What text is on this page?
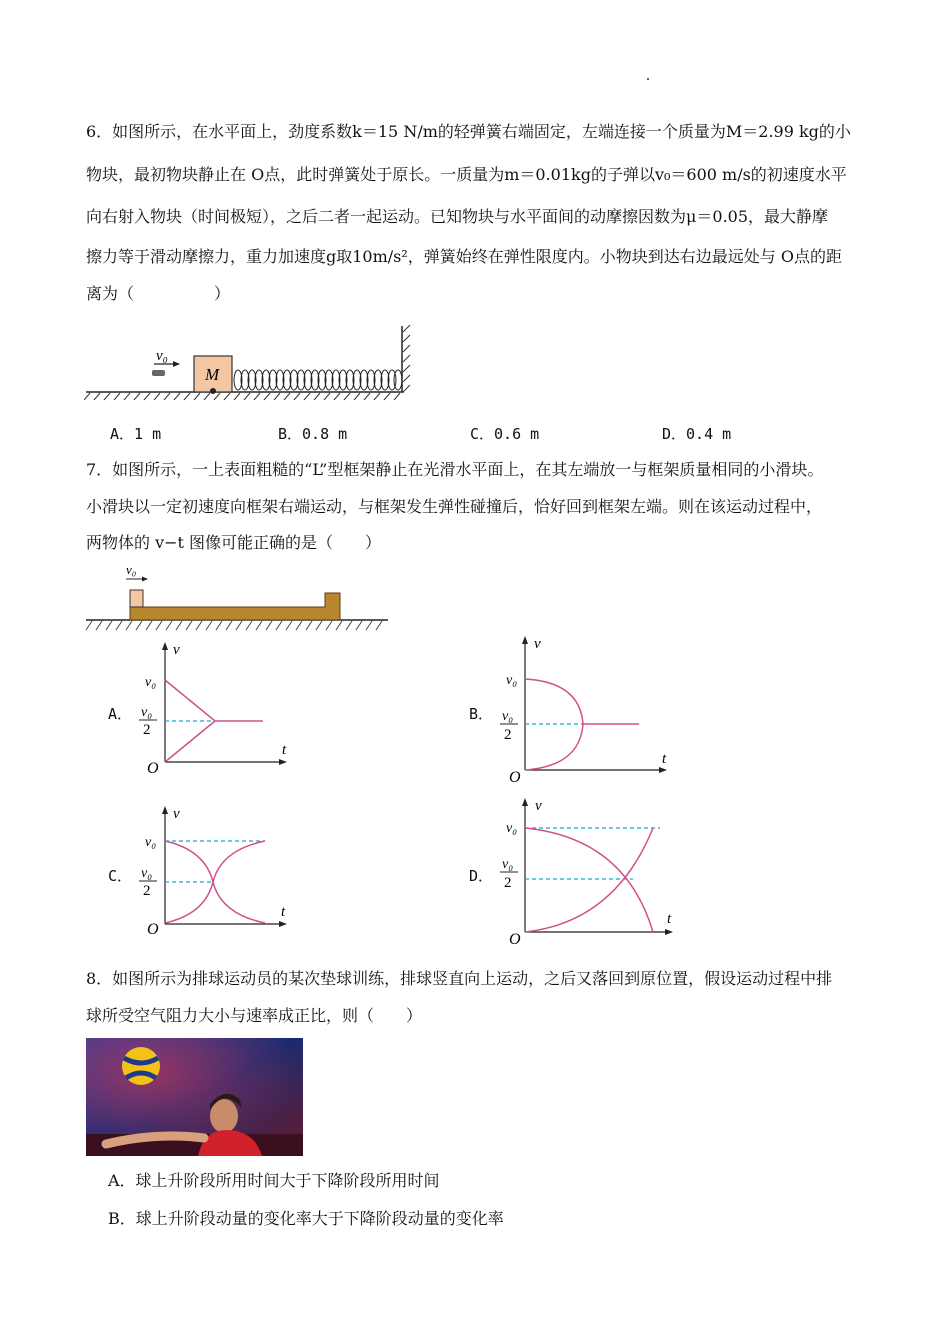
6．如图所示，在水平面上，劲度系数k＝15 N/m的轻弹簧右端固定，左端连接一个质量为M＝2.99 kg的小
物块，最初物块静止在 O点，此时弹簧处于原长。一质量为m＝0.01kg的子弹以v₀＝600 m/s的初速度水平
向右射入物块（时间极短），之后二者一起运动。已知物块与水平面间的动摩擦因数为μ＝0.05，最大静摩
擦力等于滑动摩擦力，重力加速度g取10m/s²，弹簧始终在弹性限度内。小物块到达右边最远处与 O点的距
离为（　　　　　）
M
v₀
A．1 m	B．0.8 m	C．0.6 m	D．0.4 m
7．如图所示，一上表面粗糙的“L”型框架静止在光滑水平面上，在其左端放一与框架质量相同的小滑块。
小滑块以一定初速度向框架右端运动，与框架发生弹性碰撞后，恰好回到框架左端。则在该运动过程中，
两物体的 v−t 图像可能正确的是（　　）
v₀
A．
v
t
O
v₀
v₀
2
B．
v
t
O
v₀
v₀
2
C．
v
t
O
v₀
v₀
2
D．
v
t
O
v₀
v₀
2
8．如图所示为排球运动员的某次垫球训练，排球竖直向上运动，之后又落回到原位置，假设运动过程中排
球所受空气阻力大小与速率成正比，则（　　）
A．球上升阶段所用时间大于下降阶段所用时间
B．球上升阶段动量的变化率大于下降阶段动量的变化率
